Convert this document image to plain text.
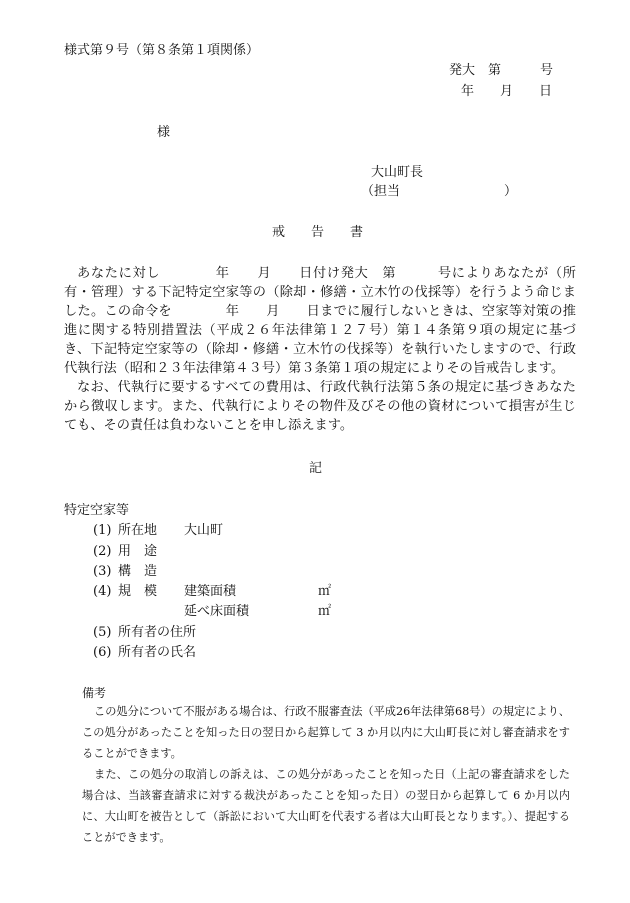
様式第９号（第８条第１項関係）
発大　第　　　号
年　　月　　日
様
大山町長
（担当　　　　　　　　）
戒　　告　　書

あなたに対し　　　　年　　月　　日付け発大　第　　　号によりあなたが（所有・管理）する下記特定空家等の（除却・修繕・立木竹の伐採等）を行うよう命じました。この命令を　　　　年　　月　　日までに履行しないときは、空家等対策の推進に関する特別措置法（平成２６年法律第１２７号）第１４条第９項の規定に基づき、下記特定空家等の（除却・修繕・立木竹の伐採等）を執行いたしますので、行政代執行法（昭和２３年法律第４３号）第３条第１項の規定によりその旨戒告します。

なお、代執行に要するすべての費用は、行政代執行法第５条の規定に基づきあなたから徴収します。また、代執行によりその物件及びその他の資材について損害が生じても、その責任は負わないことを申し添えます。

記
特定空家等
(1) 所在地 大山町
(2) 用　途
(3) 構　造
(4) 規　模 建築面積	㎡
延べ床面積	㎡
(5) 所有者の住所
(6) 所有者の氏名
備考

この処分について不服がある場合は、行政不服審査法（平成26年法律第68号）の規定により、この処分があったことを知った日の翌日から起算して 3 か月以内に大山町長に対し審査請求をすることができます。

また、この処分の取消しの訴えは、この処分があったことを知った日（上記の審査請求をした場合は、当該審査請求に対する裁決があったことを知った日）の翌日から起算して 6 か月以内に、大山町を被告として（訴訟において大山町を代表する者は大山町長となります。）、提起することができます。
